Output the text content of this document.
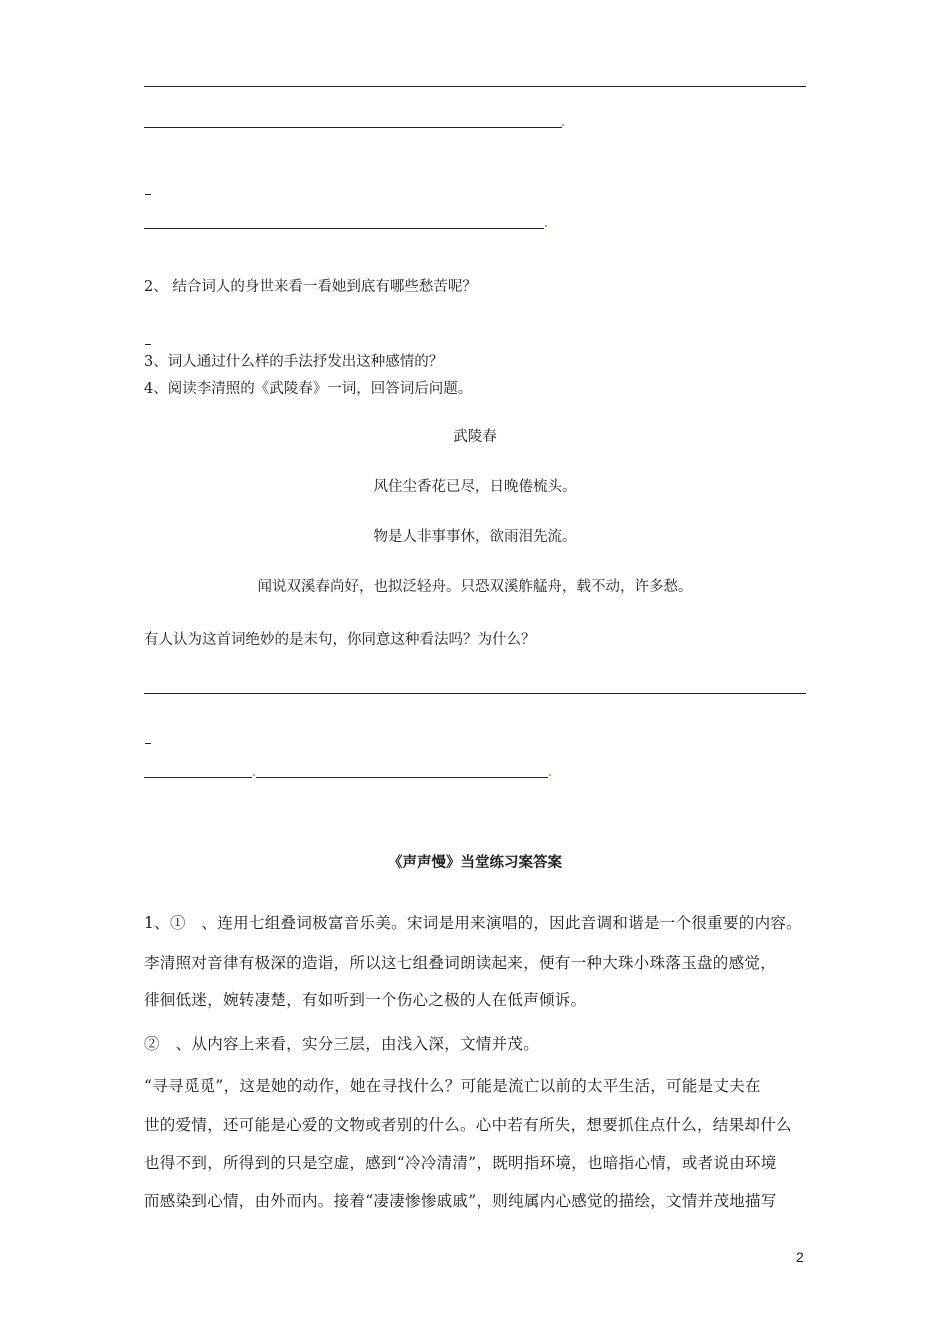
2、 结合词人的身世来看一看她到底有哪些愁苦呢？
3、词人通过什么样的手法抒发出这种感情的？
4、阅读李清照的《武陵春》一词，回答词后问题。
武陵春
风住尘香花已尽，日晚倦梳头。
物是人非事事休，欲雨泪先流。
闻说双溪春尚好，也拟泛轻舟。只恐双溪舴艋舟，载不动，许多愁。
有人认为这首词绝妙的是末句，你同意这种看法吗？为什么？
《声声慢》当堂练习案答案
1、①　、连用七组叠词极富音乐美。宋词是用来演唱的，因此音调和谐是一个很重要的内容。
李清照对音律有极深的造诣，所以这七组叠词朗读起来，便有一种大珠小珠落玉盘的感觉，
徘徊低迷，婉转凄楚，有如听到一个伤心之极的人在低声倾诉。
②　、从内容上来看，实分三层，由浅入深，文情并茂。
“寻寻觅觅”，这是她的动作，她在寻找什么？可能是流亡以前的太平生活，可能是丈夫在
世的爱情，还可能是心爱的文物或者别的什么。心中若有所失，想要抓住点什么，结果却什么
也得不到，所得到的只是空虚，感到“冷冷清清”，既明指环境，也暗指心情，或者说由环境
而感染到心情，由外而内。接着“凄凄惨惨戚戚”，则纯属内心感觉的描绘，文情并茂地描写
2
